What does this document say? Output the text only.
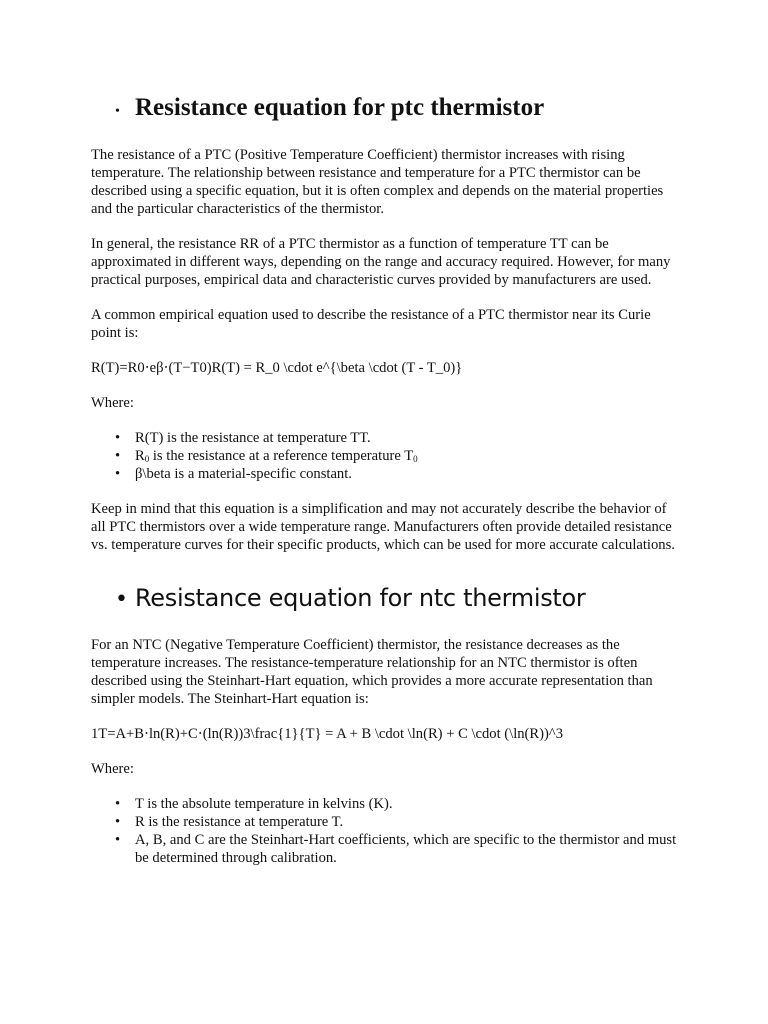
• Resistance equation for ptc thermistor

The resistance of a PTC (Positive Temperature Coefficient) thermistor increases with rising temperature. The relationship between resistance and temperature for a PTC thermistor can be described using a specific equation, but it is often complex and depends on the material properties and the particular characteristics of the thermistor.

In general, the resistance RR of a PTC thermistor as a function of temperature TT can be approximated in different ways, depending on the range and accuracy required. However, for many practical purposes, empirical data and characteristic curves provided by manufacturers are used.

A common empirical equation used to describe the resistance of a PTC thermistor near its Curie point is:

R(T)=R0⋅eβ⋅(T−T0)R(T) = R_0 \cdot e^{\beta \cdot (T - T_0)}

Where:

• R(T) is the resistance at temperature TT.
• $R_0$ is the resistance at a reference temperature $T_0$
• β\beta is a material-specific constant.

Keep in mind that this equation is a simplification and may not accurately describe the behavior of all PTC thermistors over a wide temperature range. Manufacturers often provide detailed resistance vs. temperature curves for their specific products, which can be used for more accurate calculations.

• Resistance equation for ntc thermistor

For an NTC (Negative Temperature Coefficient) thermistor, the resistance decreases as the temperature increases. The resistance-temperature relationship for an NTC thermistor is often described using the Steinhart-Hart equation, which provides a more accurate representation than simpler models. The Steinhart-Hart equation is:

1T=A+B⋅ln(R)+C⋅(ln(R))3\frac{1}{T} = A + B \cdot \ln(R) + C \cdot (\ln(R))^3

Where:

• T is the absolute temperature in kelvins (K).
• R is the resistance at temperature T.
• A, B, and C are the Steinhart-Hart coefficients, which are specific to the thermistor and must be determined through calibration.
